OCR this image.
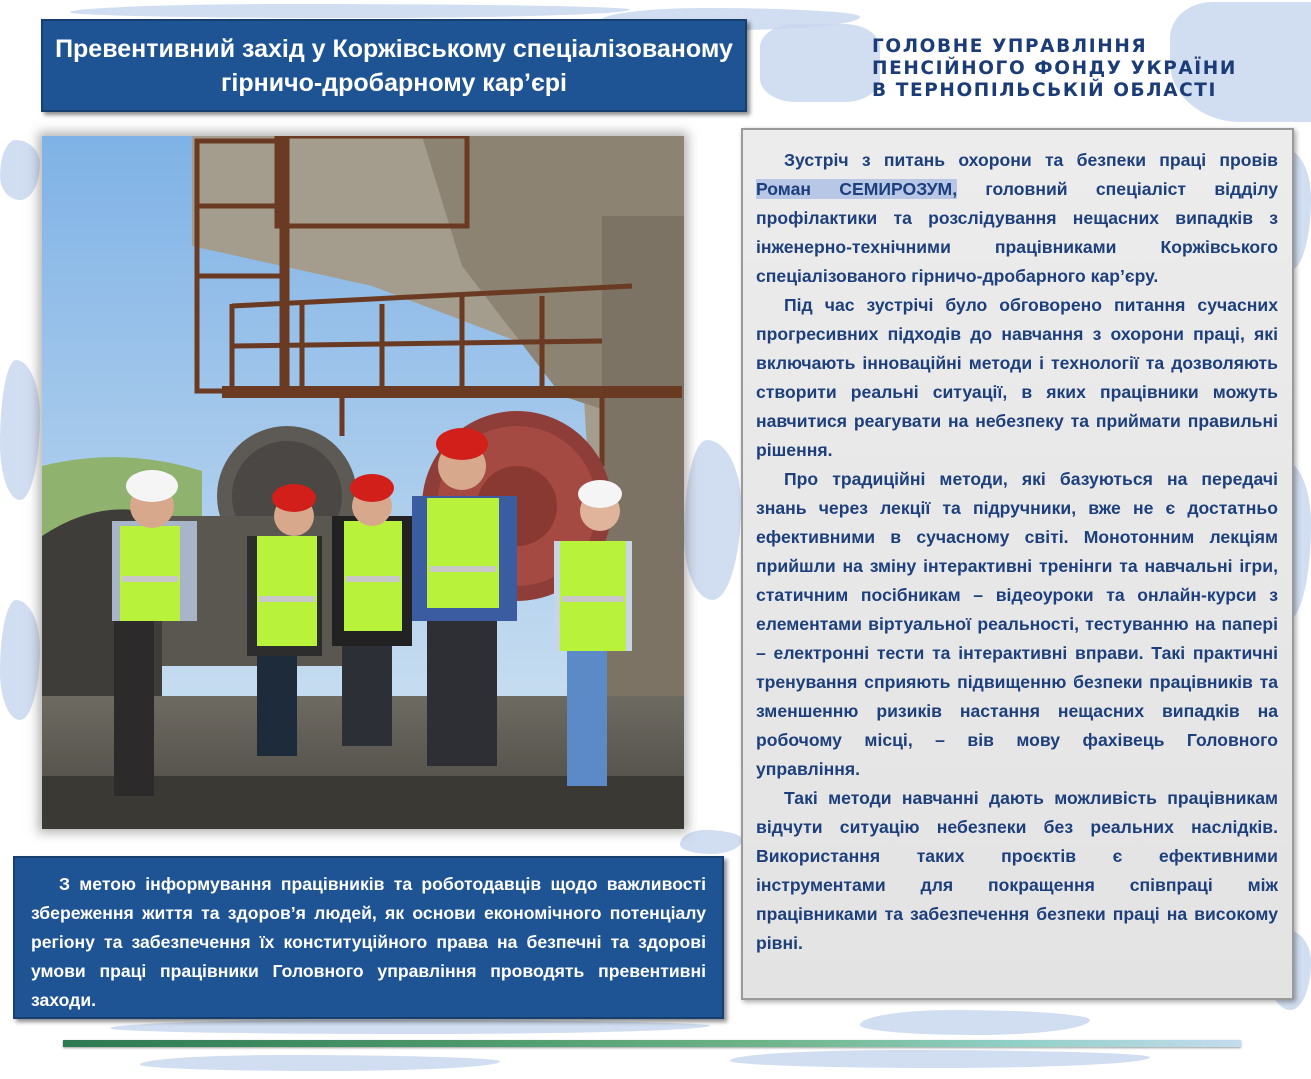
Превентивний захід у Коржівському спеціалізованому
гірничо-дробарному кар’єрі
ГОЛОВНЕ УПРАВЛІННЯ
ПЕНСІЙНОГО ФОНДУ УКРАЇНИ
В ТЕРНОПІЛЬСЬКІЙ ОБЛАСТІ

Зустріч з питань охорони та безпеки праці провів Роман СЕМИРОЗУМ, головний спеціаліст відділу профілактики та розслідування нещасних випадків з інженерно-технічними працівниками Коржівського спеціалізованого гірничо-дробарного кар’єру.

Під час зустрічі було обговорено питання сучасних прогресивних підходів до навчання з охорони праці, які включають інноваційні методи і технології та дозволяють створити реальні ситуації, в яких працівники можуть навчитися реагувати на небезпеку та приймати правильні рішення.

Про традиційні методи, які базуються на передачі знань через лекції та підручники, вже не є достатньо ефективними в сучасному світі. Монотонним лекціям прийшли на зміну інтерактивні тренінги та навчальні ігри, статичним посібникам – відеоуроки та онлайн-курси з елементами віртуальної реальності, тестуванню на папері – електронні тести та інтерактивні вправи. Такі практичні тренування сприяють підвищенню безпеки працівників та зменшенню ризиків настання нещасних випадків на робочому місці, – вів мову фахівець Головного управління.

Такі методи навчанні дають можливість працівникам відчути ситуацію небезпеки без реальних наслідків. Використання таких проєктів є ефективними інструментами для покращення співпраці між працівниками та забезпечення безпеки праці на високому рівні.

З метою інформування працівників та роботодавців щодо важливості збереження життя та здоров’я людей, як основи економічного потенціалу регіону та забезпечення їх конституційного права на безпечні та здорові умови праці працівники Головного управління проводять превентивні заходи.
